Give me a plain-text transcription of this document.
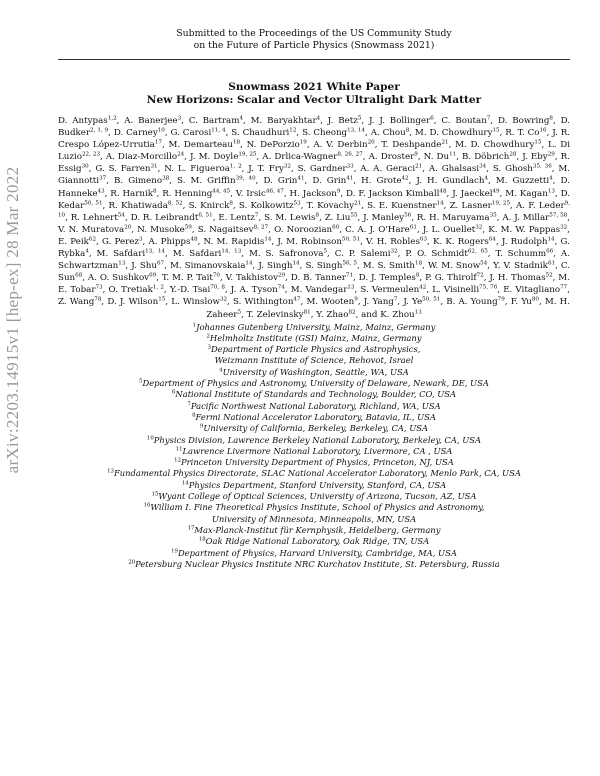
arXiv:2203.14915v1 [hep-ex] 28 Mar 2022
Submitted to the Proceedings of the US Community Study
on the Future of Particle Physics (Snowmass 2021)
Snowmass 2021 White Paper
New Horizons: Scalar and Vector Ultralight Dark Matter
D. Antypas$^{1,2}$, A. Banerjee$^3$, C. Bartram$^4$, M. Baryakhtar$^4$, J. Betz$^5$, J. J. Bollinger$^6$, C. Boutan$^7$, D. Bowring$^8$, D. Budker$^{2, 1, 9}$, D. Carney$^{10}$, G. Carosi$^{11, 4}$, S. Chaudhuri$^{12}$, S. Cheong$^{13, 14}$, A. Chou$^8$, M. D. Chowdhury$^{15}$, R. T. Co$^{16}$, J. R. Crespo López-Urrutia$^{17}$, M. Demarteau$^{18}$, N. DePorzio$^{19}$, A. V. Derbin$^{20}$, T. Deshpande$^{21}$, M. D. Chowdhury$^{15}$, L. Di Luzio$^{22, 23}$, A. Diaz-Morcillo$^{24}$, J. M. Doyle$^{19, 25}$, A. Drlica-Wagner$^{8, 26, 27}$, A. Droster$^9$, N. Du$^{11}$, B. Döbrich$^{28}$, J. Eby$^{29}$, R. Essig$^{30}$, G. S. Farren$^{31}$, N. L. Figueroa$^{1, 2}$, J. T. Fry$^{32}$, S. Gardner$^{33}$, A. A. Geraci$^{21}$, A. Ghalsasi$^{34}$, S. Ghosh$^{35, 36}$, M. Giannotti$^{37}$, B. Gimeno$^{38}$, S. M. Griffin$^{39, 40}$, D. Grin$^{41}$, D. Grin$^{41}$, H. Grote$^{42}$, J. H. Gundlach$^4$, M. Guzzetti$^4$, D. Hanneke$^{43}$, R. Harnik$^8$, R. Henning$^{44, 45}$, V. Irsic$^{46, 47}$, H. Jackson$^9$, D. F. Jackson Kimball$^{48}$, J. Jaeckel$^{49}$, M. Kagan$^{13}$, D. Kedar$^{50, 51}$, R. Khatiwada$^{8, 52}$, S. Knirck$^8$, S. Kolkowitz$^{53}$, T. Kovachy$^{21}$, S. E. Kuenstner$^{14}$, Z. Lasner$^{19, 25}$, A. F. Leder$^{9, 10}$, R. Lehnert$^{54}$, D. R. Leibrandt$^{6, 51}$, E. Lentz$^7$, S. M. Lewis$^8$, Z. Liu$^{55}$, J. Manley$^{56}$, R. H. Maruyama$^{35}$, A. J. Millar$^{57, 58}$, V. N. Muratova$^{20}$, N. Musoke$^{59}$, S. Nagaitsev$^{8, 27}$, O. Noroozian$^{60}$, C. A. J. O'Hare$^{61}$, J. L. Ouellet$^{32}$, K. M. W. Pappas$^{32}$, E. Peik$^{62}$, G. Perez$^3$, A. Phipps$^{48}$, N. M. Rapidis$^{14}$, J. M. Robinson$^{50, 51}$, V. H. Robles$^{63}$, K. K. Rogers$^{64}$, J. Rudolph$^{14}$, G. Rybka$^4$, M. Safdari$^{13, 14}$, M. Safdari$^{14, 13}$, M. S. Safronova$^5$, C. P. Salemi$^{32}$, P. O. Schmidt$^{62, 65}$, T. Schumm$^{66}$, A. Schwartzman$^{13}$, J. Shu$^{67}$, M. Simanovskaia$^{14}$, J. Singh$^{14}$, S. Singh$^{56, 5}$, M. S. Smith$^{18}$, W. M. Snow$^{54}$, Y. V. Stadnik$^{61}$, C. Sun$^{68}$, A. O. Sushkov$^{69}$, T. M. P. Tait$^{70}$, V. Takhistov$^{29}$, D. B. Tanner$^{71}$, D. J. Temples$^8$, P. G. Thirolf$^{72}$, J. H. Thomas$^{52}$, M. E. Tobar$^{73}$, O. Tretiak$^{1, 2}$, Y.-D. Tsai$^{70, 8}$, J. A. Tyson$^{74}$, M. Vandegar$^{13}$, S. Vermeulen$^{42}$, L. Visinelli$^{75, 76}$, E. Vitagliano$^{77}$, Z. Wang$^{78}$, D. J. Wilson$^{15}$, L. Winslow$^{32}$, S. Withington$^{47}$, M. Wooten$^9$, J. Yang$^7$, J. Ye$^{50, 51}$, B. A. Young$^{79}$, F. Yu$^{80}$, M. H. Zaheer$^5$, T. Zelevinsky$^{81}$, Y. Zhao$^{82}$, and K. Zhou$^{13}$
$^1$Johannes Gutenberg University, Mainz, Mainz, Germany
$^2$Helmholtz Institute (GSI) Mainz, Mainz, Germany
$^3$Department of Particle Physics and Astrophysics,
Weizmann Institute of Science, Rehovot, Israel
$^4$University of Washington, Seattle, WA, USA
$^5$Department of Physics and Astronomy, University of Delaware, Newark, DE, USA
$^6$National Institute of Standards and Technology, Boulder, CO, USA
$^7$Pacific Northwest National Laboratory, Richland, WA, USA
$^8$Fermi National Accelerator Laboratory, Batavia, IL, USA
$^9$University of California, Berkeley, Berkeley, CA, USA
$^{10}$Physics Division, Lawrence Berkeley National Laboratory, Berkeley, CA, USA
$^{11}$Lawrence Livermore National Laboratory, Livermore, CA , USA
$^{12}$Princeton University Department of Physics, Princeton, NJ, USA
$^{13}$Fundamental Physics Directorate, SLAC National Accelerator Laboratory, Menlo Park, CA, USA
$^{14}$Physics Department, Stanford University, Stanford, CA, USA
$^{15}$Wyant College of Optical Sciences, University of Arizona, Tucson, AZ, USA
$^{16}$William I. Fine Theoretical Physics Institute, School of Physics and Astronomy,
University of Minnesota, Minneapolis, MN, USA
$^{17}$Max-Planck-Institut für Kernphysik, Heidelberg, Germany
$^{18}$Oak Ridge National Laboratory, Oak Ridge, TN, USA
$^{19}$Department of Physics, Harvard University, Cambridge, MA, USA
$^{20}$Petersburg Nuclear Physics Institute NRC Kurchatov Institute, St. Petersburg, Russia
